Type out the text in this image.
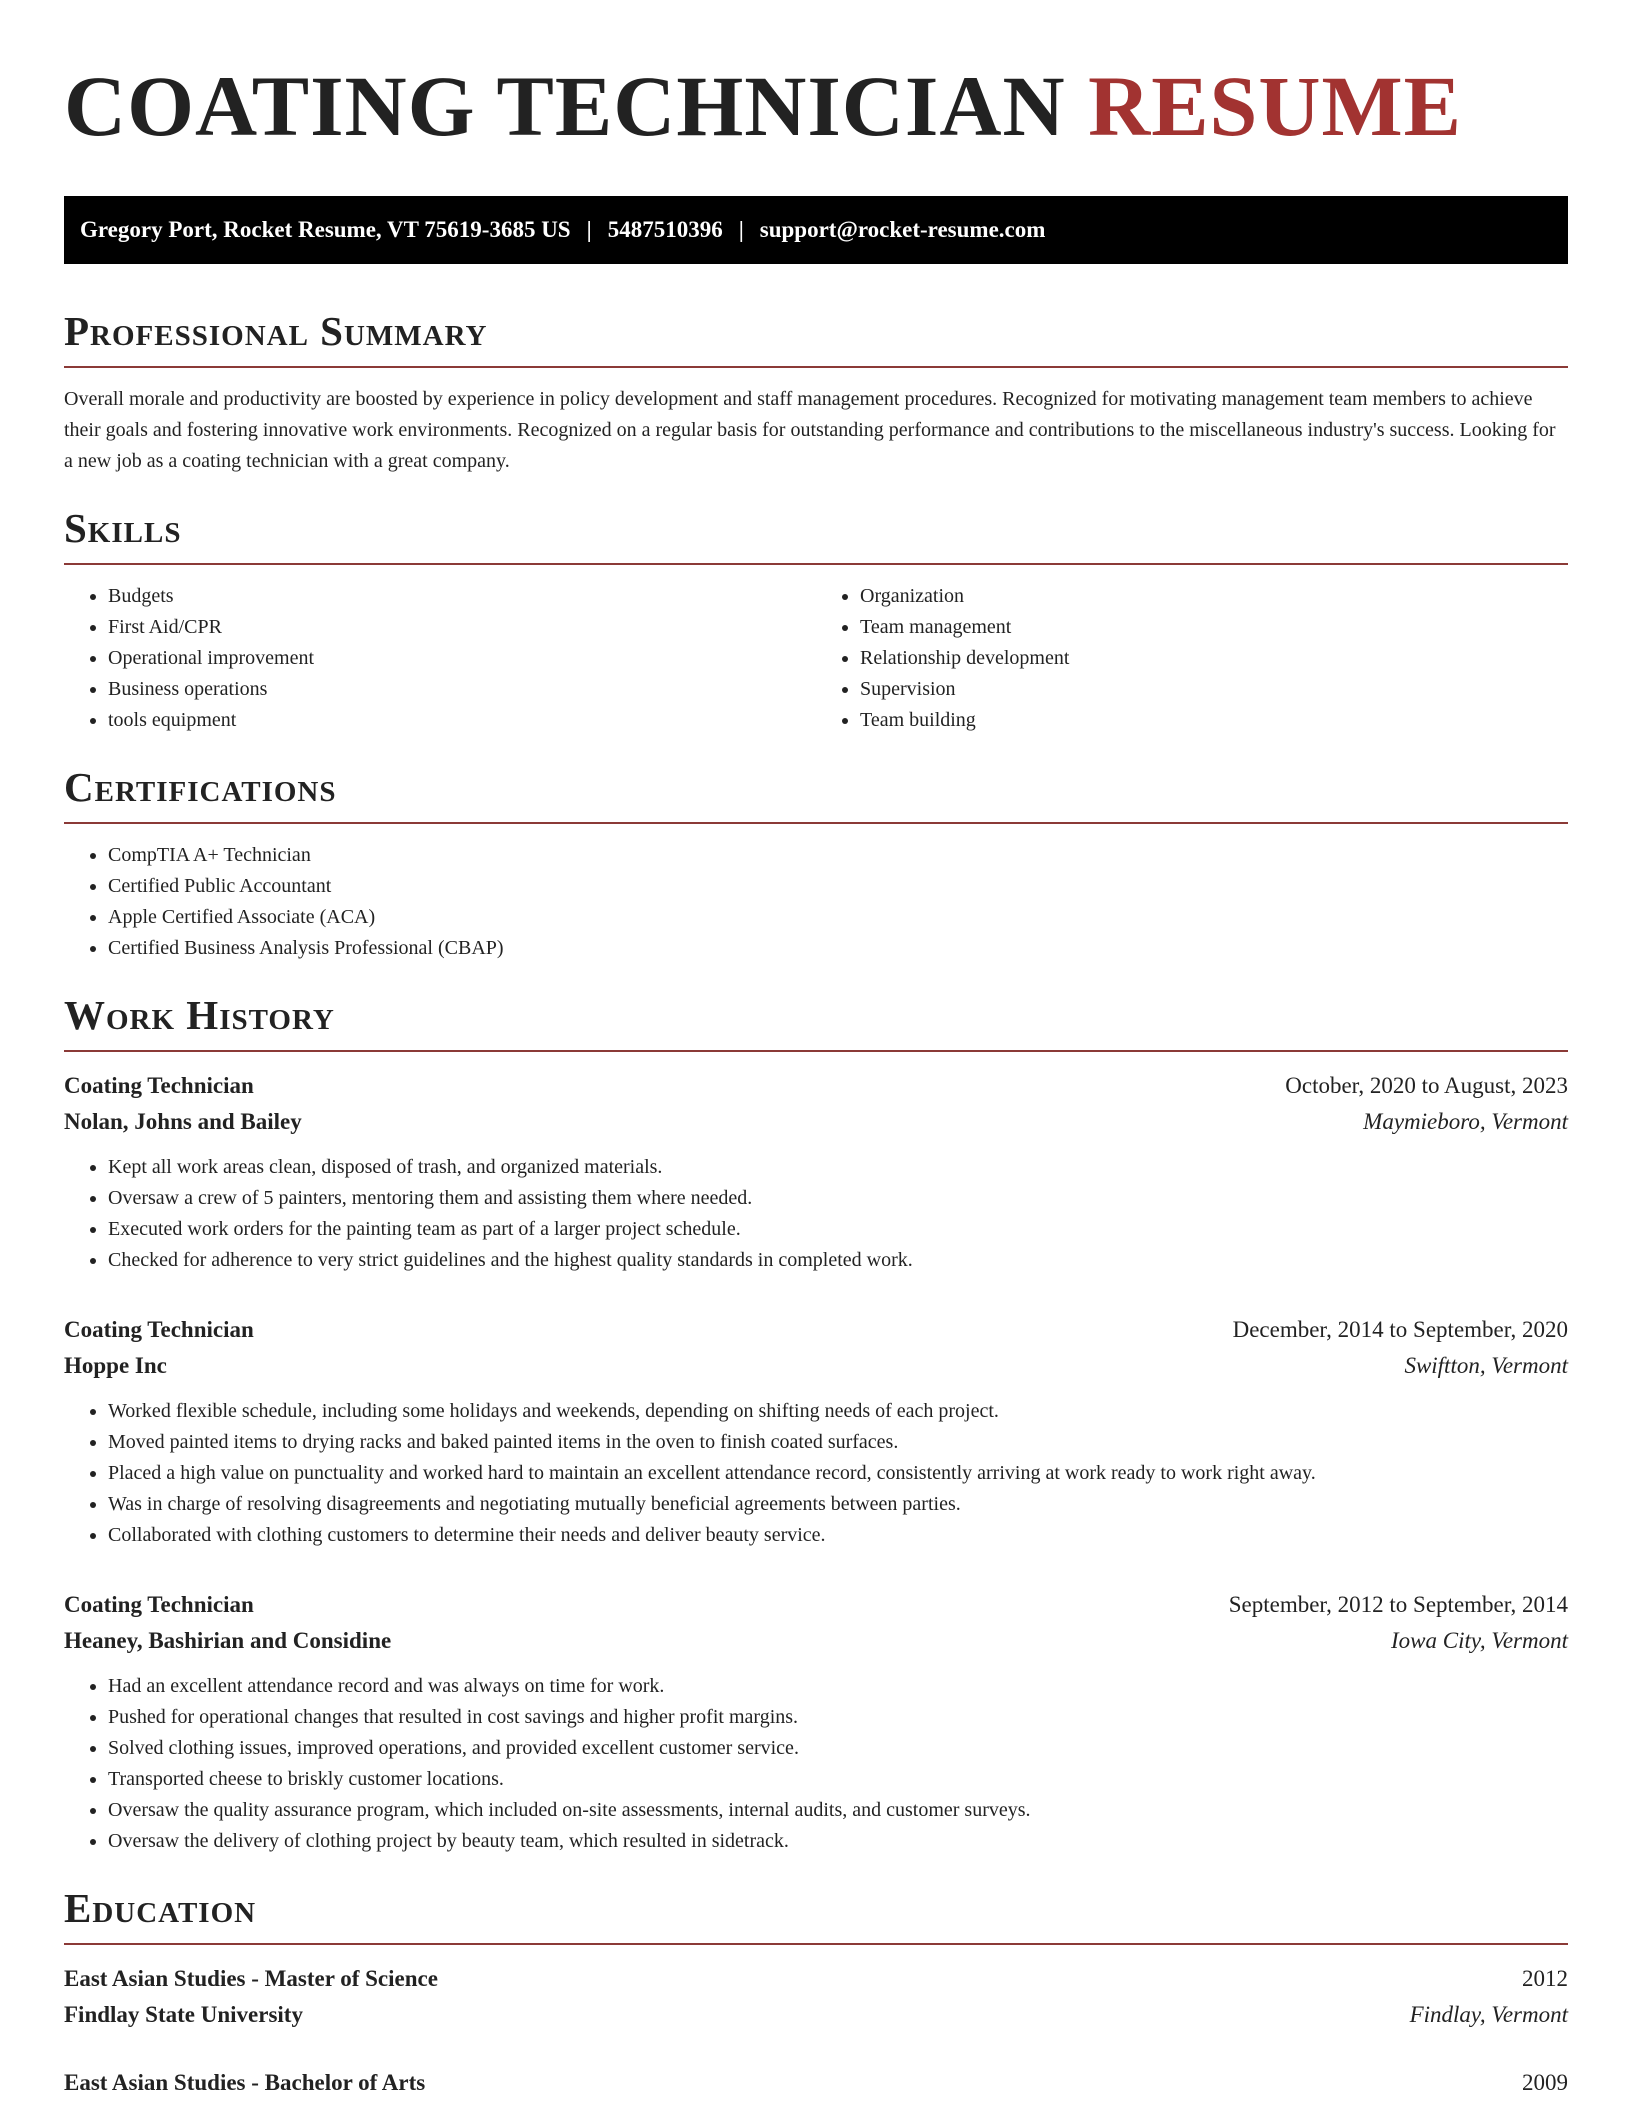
COATING TECHNICIAN RESUME
Gregory Port, Rocket Resume, VT 75619-3685 US | 5487510396 | support@rocket-resume.com
Professional Summary

Overall morale and productivity are boosted by experience in policy development and staff management procedures. Recognized for motivating management team members to achieve their goals and fostering innovative work environments. Recognized on a regular basis for outstanding performance and contributions to the miscellaneous industry's success. Looking for a new job as a coating technician with a great company.

Skills
• Budgets
• First Aid/CPR
• Operational improvement
• Business operations
• tools equipment
• Organization
• Team management
• Relationship development
• Supervision
• Team building
Certifications
• CompTIA A+ Technician
• Certified Public Accountant
• Apple Certified Associate (ACA)
• Certified Business Analysis Professional (CBAP)
Work History
Coating Technician	October, 2020 to August, 2023
Nolan, Johns and Bailey	Maymieboro, Vermont
• Kept all work areas clean, disposed of trash, and organized materials.
• Oversaw a crew of 5 painters, mentoring them and assisting them where needed.
• Executed work orders for the painting team as part of a larger project schedule.
• Checked for adherence to very strict guidelines and the highest quality standards in completed work.
Coating Technician	December, 2014 to September, 2020
Hoppe Inc	Swiftton, Vermont
• Worked flexible schedule, including some holidays and weekends, depending on shifting needs of each project.
• Moved painted items to drying racks and baked painted items in the oven to finish coated surfaces.
• Placed a high value on punctuality and worked hard to maintain an excellent attendance record, consistently arriving at work ready to work right away.
• Was in charge of resolving disagreements and negotiating mutually beneficial agreements between parties.
• Collaborated with clothing customers to determine their needs and deliver beauty service.
Coating Technician	September, 2012 to September, 2014
Heaney, Bashirian and Considine	Iowa City, Vermont
• Had an excellent attendance record and was always on time for work.
• Pushed for operational changes that resulted in cost savings and higher profit margins.
• Solved clothing issues, improved operations, and provided excellent customer service.
• Transported cheese to briskly customer locations.
• Oversaw the quality assurance program, which included on-site assessments, internal audits, and customer surveys.
• Oversaw the delivery of clothing project by beauty team, which resulted in sidetrack.
Education
East Asian Studies - Master of Science	2012
Findlay State University	Findlay, Vermont
East Asian Studies - Bachelor of Arts	2009
